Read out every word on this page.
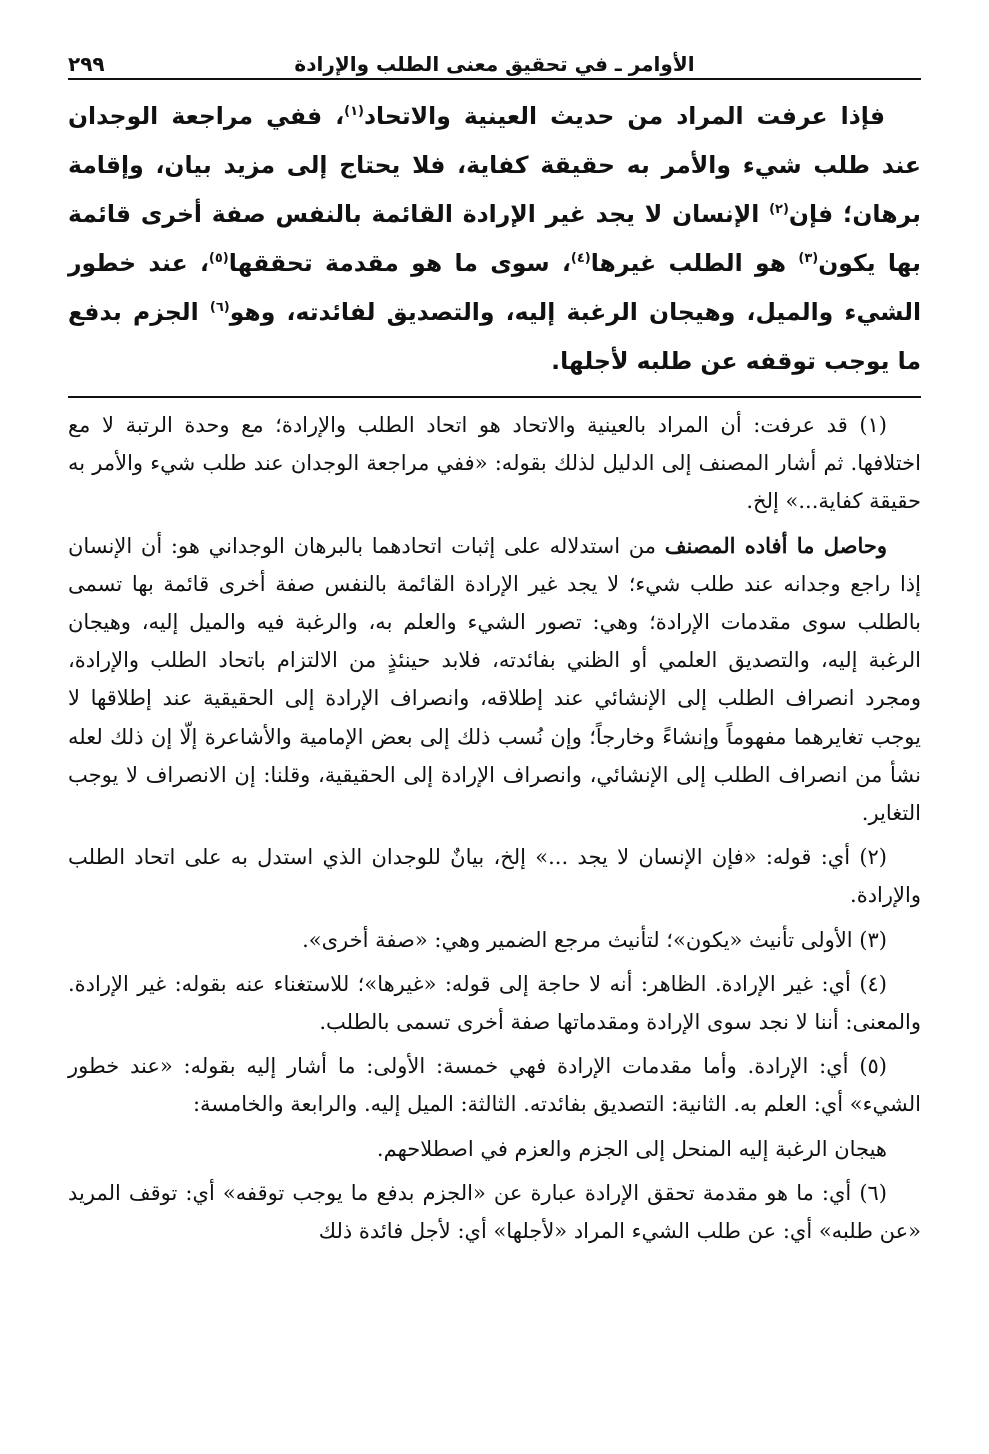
الأوامر ـ في تحقيق معنى الطلب والإرادة
٢٩٩

فإذا عرفت المراد من حديث العينية والاتحاد$^{(١)}$، ففي مراجعة الوجدان عند طلب شيء والأمر به حقيقة كفاية، فلا يحتاج إلى مزيد بيان، وإقامة برهان؛ فإن$^{(٢)}$ الإنسان لا يجد غير الإرادة القائمة بالنفس صفة أخرى قائمة بها يكون$^{(٣)}$ هو الطلب غيرها$^{(٤)}$، سوى ما هو مقدمة تحققها$^{(٥)}$، عند خطور الشيء والميل، وهيجان الرغبة إليه، والتصديق لفائدته، وهو$^{(٦)}$ الجزم بدفع ما يوجب توقفه عن طلبه لأجلها.

(١) قد عرفت: أن المراد بالعينية والاتحاد هو اتحاد الطلب والإرادة؛ مع وحدة الرتبة لا مع اختلافها. ثم أشار المصنف إلى الدليل لذلك بقوله: «ففي مراجعة الوجدان عند طلب شيء والأمر به حقيقة كفاية...» إلخ.

وحاصل ما أفاده المصنف من استدلاله على إثبات اتحادهما بالبرهان الوجداني هو: أن الإنسان إذا راجع وجدانه عند طلب شيء؛ لا يجد غير الإرادة القائمة بالنفس صفة أخرى قائمة بها تسمى بالطلب سوى مقدمات الإرادة؛ وهي: تصور الشيء والعلم به، والرغبة فيه والميل إليه، وهيجان الرغبة إليه، والتصديق العلمي أو الظني بفائدته، فلابد حينئذٍ من الالتزام باتحاد الطلب والإرادة، ومجرد انصراف الطلب إلى الإنشائي عند إطلاقه، وانصراف الإرادة إلى الحقيقية عند إطلاقها لا يوجب تغايرهما مفهوماً وإنشاءً وخارجاً؛ وإن نُسب ذلك إلى بعض الإمامية والأشاعرة إلّا إن ذلك لعله نشأ من انصراف الطلب إلى الإنشائي، وانصراف الإرادة إلى الحقيقية، وقلنا: إن الانصراف لا يوجب التغاير.

(٢) أي: قوله: «فإن الإنسان لا يجد ...» إلخ، بيانٌ للوجدان الذي استدل به على اتحاد الطلب والإرادة.

(٣) الأولى تأنيث «يكون»؛ لتأنيث مرجع الضمير وهي: «صفة أخرى».

(٤) أي: غير الإرادة. الظاهر: أنه لا حاجة إلى قوله: «غيرها»؛ للاستغناء عنه بقوله: غير الإرادة. والمعنى: أننا لا نجد سوى الإرادة ومقدماتها صفة أخرى تسمى بالطلب.

(٥) أي: الإرادة. وأما مقدمات الإرادة فهي خمسة: الأولى: ما أشار إليه بقوله: «عند خطور الشيء» أي: العلم به. الثانية: التصديق بفائدته. الثالثة: الميل إليه. والرابعة والخامسة:

هيجان الرغبة إليه المنحل إلى الجزم والعزم في اصطلاحهم.

(٦) أي: ما هو مقدمة تحقق الإرادة عبارة عن «الجزم بدفع ما يوجب توقفه» أي: توقف المريد «عن طلبه» أي: عن طلب الشيء المراد «لأجلها» أي: لأجل فائدة ذلك
